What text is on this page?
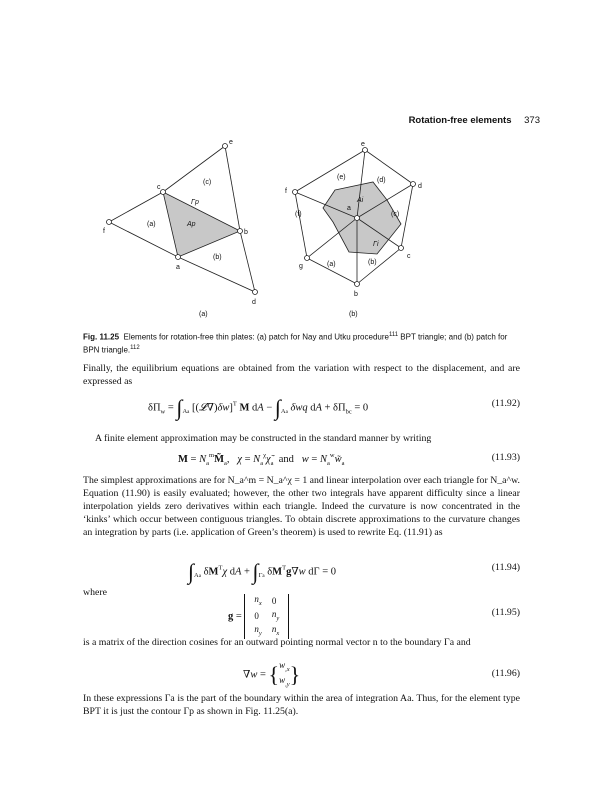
Rotation-free elements 373
e
c
f	b
a
d
(c)
(a)
(b)
Γp
Ap
(a)
e
d
f
a
c
g
b
(e)	(d)
(f)	(c)
(a)	(b)
Ai
Γi
(b)
Fig. 11.25 Elements for rotation-free thin plates: (a) patch for Nay and Utku procedure$^{111}$ BPT triangle; and (b) patch for BPN triangle.$^{112}$
Finally, the equilibrium equations are obtained from the variation with respect to the displacement, and are expressed as
$\delta\Pi_w = \int_{Aa}$ [(𝓛∇)δw]$^T$ M dA − $\int_{Aa}$ δwq dA + $\delta\Pi_{bc} = 0$	(11.92)
A finite element approximation may be constructed in the standard manner by writing
$M = N_a^mM̃_a$,   $\chi = N_a^\chi\chĩ_a$  and   $w = N_a^ww̃_a$
(11.93)
The simplest approximations are for N_a^m = N_a^χ = 1 and linear interpolation over each triangle for N_a^w. Equation (11.90) is easily evaluated; however, the other two integrals have apparent difficulty since a linear interpolation yields zero derivatives within each triangle. Indeed the curvature is now concentrated in the ‘kinks’ which occur between contiguous triangles. To obtain discrete approximations to the curvature changes an integration by parts (i.e. application of Green’s theorem) is used to rewrite Eq. (11.91) as
$\int_{Aa}$ $\delta M^T\chi$ dA + $\int_{\Gamma a}$ $\delta M^Tg\nabla w$ dΓ = 0	(11.94)
where
g =
$n_x$	0
0	$n_y$
$n_y$	$n_x$
(11.95)
is a matrix of the direction cosines for an outward pointing normal vector n to the boundary Γa and
$\nabla w = \{w_{,x}$
$w_{,y}$}	(11.96)
In these expressions Γa is the part of the boundary within the area of integration Aa. Thus, for the element type BPT it is just the contour Γp as shown in Fig. 11.25(a).
